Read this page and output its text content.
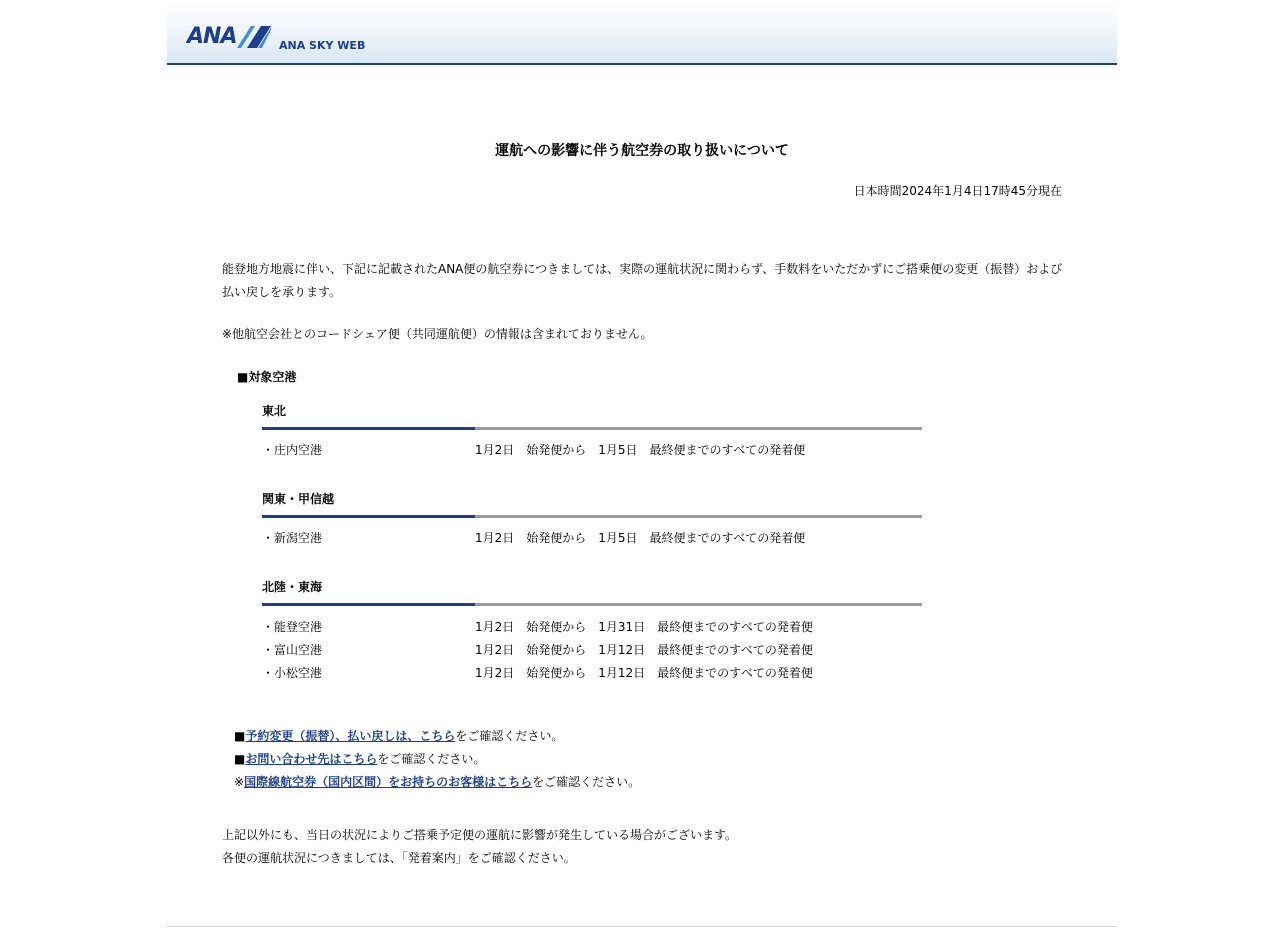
ANA	ANA SKY WEB
運航への影響に伴う航空券の取り扱いについて
日本時間2024年1月4日17時45分現在
能登地方地震に伴い、下記に記載されたANA便の航空券につきましては、実際の運航状況に関わらず、手数料をいただかずにご搭乗便の変更（振替）および
払い戻しを承ります。
※他航空会社とのコードシェア便（共同運航便）の情報は含まれておりません。
■対象空港
東北
・庄内空港	1月2日　始発便から　1月5日　最終便までのすべての発着便
関東・甲信越
・新潟空港	1月2日　始発便から　1月5日　最終便までのすべての発着便
北陸・東海
・能登空港	1月2日　始発便から　1月31日　最終便までのすべての発着便
・富山空港	1月2日　始発便から　1月12日　最終便までのすべての発着便
・小松空港	1月2日　始発便から　1月12日　最終便までのすべての発着便
■予約変更（振替）、払い戻しは、こちらをご確認ください。
■お問い合わせ先はこちらをご確認ください。
※国際線航空券（国内区間）をお持ちのお客様はこちらをご確認ください。
上記以外にも、当日の状況によりご搭乗予定便の運航に影響が発生している場合がございます。
各便の運航状況につきましては、「発着案内」をご確認ください。
